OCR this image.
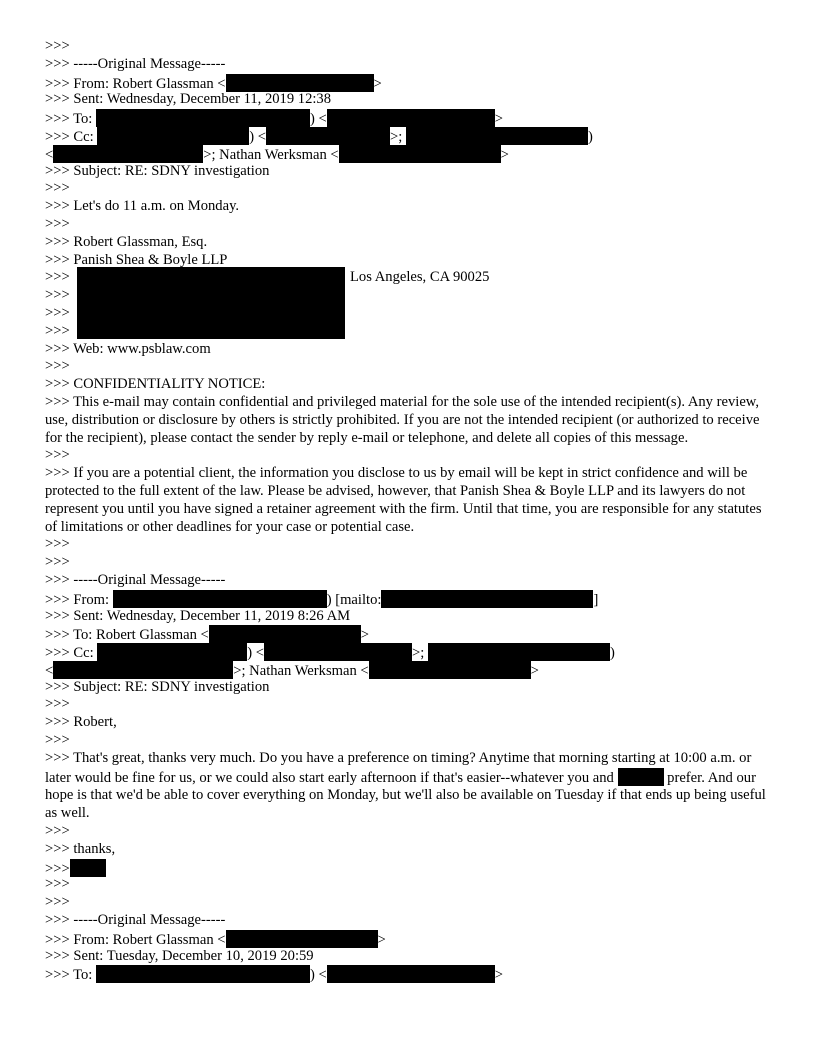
>>>
>>> -----Original Message-----
>>> From: Robert Glassman <	>
>>> Sent: Wednesday, December 11, 2019 12:38
>>> To:	) <	>
>>> Cc:	) <	>;	)
<	>; Nathan Werksman <	>
>>> Subject: RE: SDNY investigation
>>>
>>> Let's do 11 a.m. on Monday.
>>>
>>> Robert Glassman, Esq.
>>> Panish Shea & Boyle LLP
>>>
>>>
>>>
>>>
Los Angeles, CA 90025
>>> Web: www.psblaw.com
>>>
>>> CONFIDENTIALITY NOTICE:
>>> This e-mail may contain confidential and privileged material for the sole use of the intended recipient(s). Any review, use, distribution or disclosure by others is strictly prohibited. If you are not the intended recipient (or authorized to receive for the recipient), please contact the sender by reply e-mail or telephone, and delete all copies of this message.
>>>
>>> If you are a potential client, the information you disclose to us by email will be kept in strict confidence and will be protected to the full extent of the law. Please be advised, however, that Panish Shea & Boyle LLP and its lawyers do not represent you until you have signed a retainer agreement with the firm. Until that time, you are responsible for any statutes of limitations or other deadlines for your case or potential case.
>>>
>>>
>>> -----Original Message-----
>>> From:	) [mailto:	]
>>> Sent: Wednesday, December 11, 2019 8:26 AM
>>> To: Robert Glassman <	>
>>> Cc:	) <	>;	)
<	>; Nathan Werksman <	>
>>> Subject: RE: SDNY investigation
>>>
>>> Robert,
>>>
>>> That's great, thanks very much. Do you have a preference on timing? Anytime that morning starting at 10:00 a.m. or later would be fine for us, or we could also start early afternoon if that's easier--whatever you and	prefer. And our hope is that we'd be able to cover everything on Monday, but we'll also be available on Tuesday if that ends up being useful as well.
>>>
>>> thanks,
>>>
>>>
>>>
>>> -----Original Message-----
>>> From: Robert Glassman <	>
>>> Sent: Tuesday, December 10, 2019 20:59
>>> To:	) <	>
